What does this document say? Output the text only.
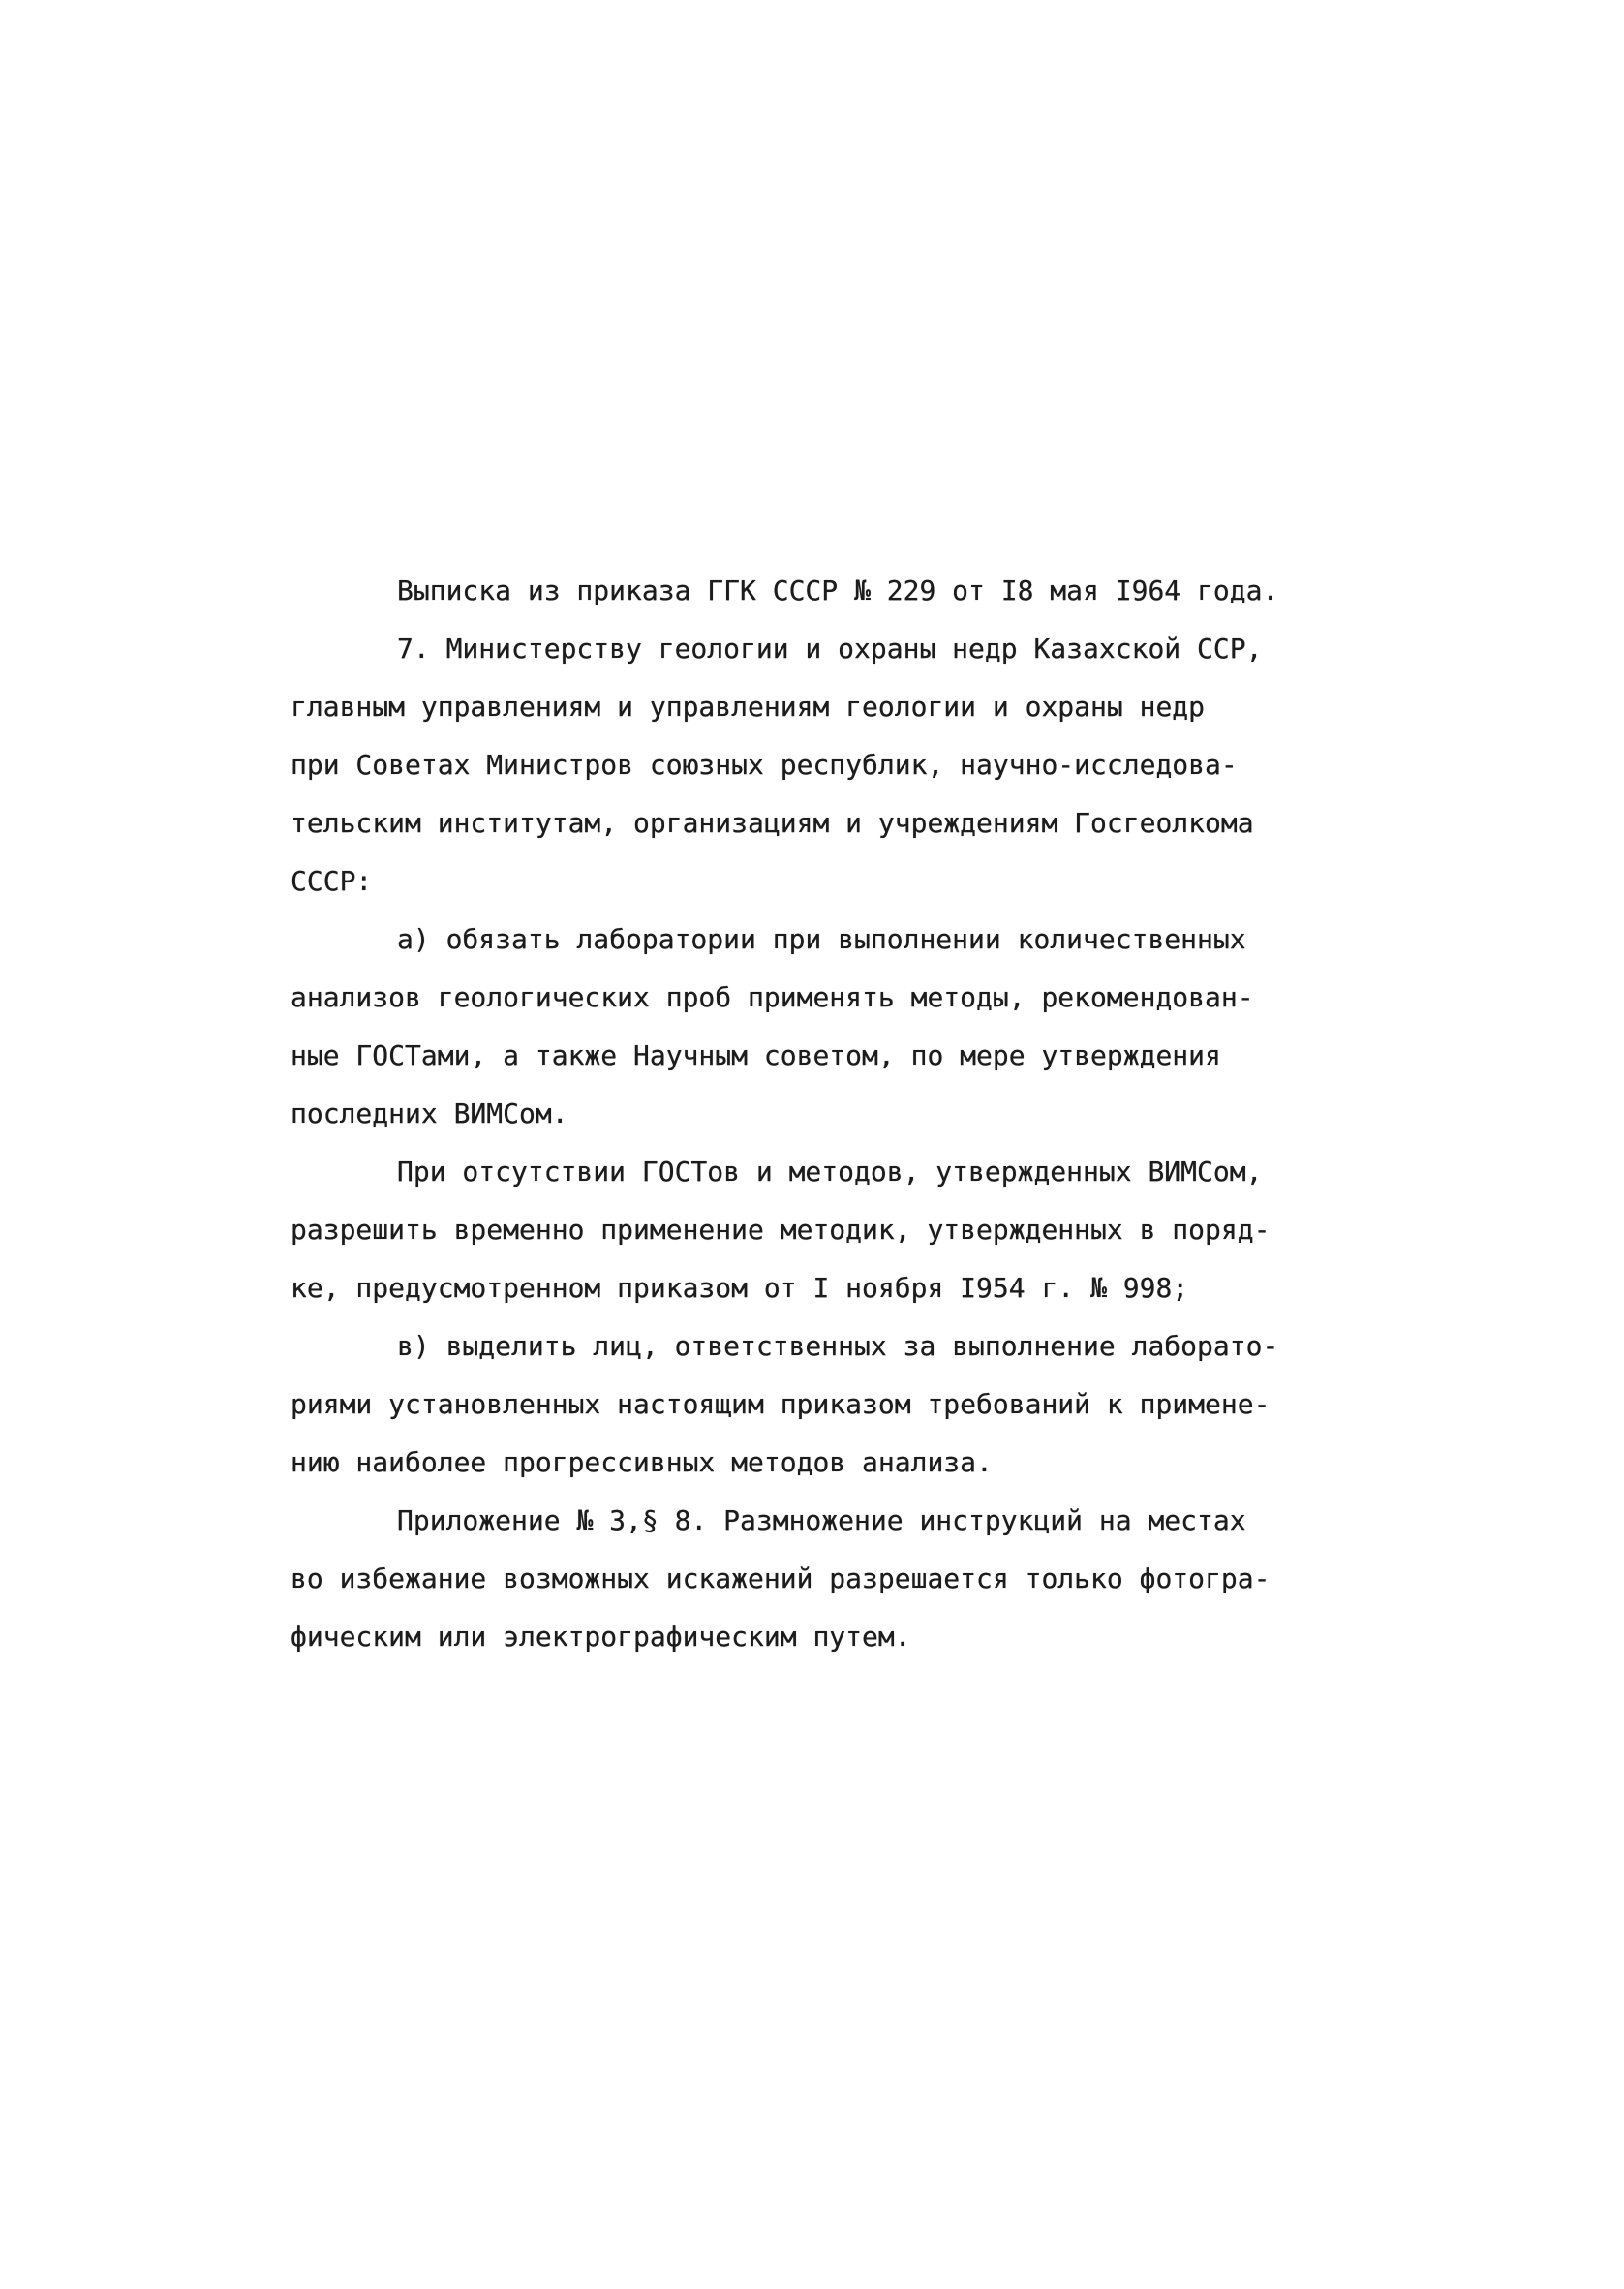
Выписка из приказа ГГК СССР № 229 от I8 мая I964 года.
7. Министерству геологии и охраны недр Казахской ССР,
главным управлениям и управлениям геологии и охраны недр
при Советах Министров союзных республик, научно-исследова-
тельским институтам, организациям и учреждениям Госгеолкома
СССР:
а) обязать лаборатории при выполнении количественных
анализов геологических проб применять методы, рекомендован-
ные ГОСТами, а также Научным советом, по мере утверждения
последних ВИМСом.
При отсутствии ГОСТов и методов, утвержденных ВИМСом,
разрешить временно применение методик, утвержденных в поряд-
ке, предусмотренном приказом от I ноября I954 г. № 998;
в) выделить лиц, ответственных за выполнение лаборато-
риями установленных настоящим приказом требований к примене-
нию наиболее прогрессивных методов анализа.
Приложение № 3,§ 8. Размножение инструкций на местах
во избежание возможных искажений разрешается только фотогра-
фическим или электрографическим путем.
